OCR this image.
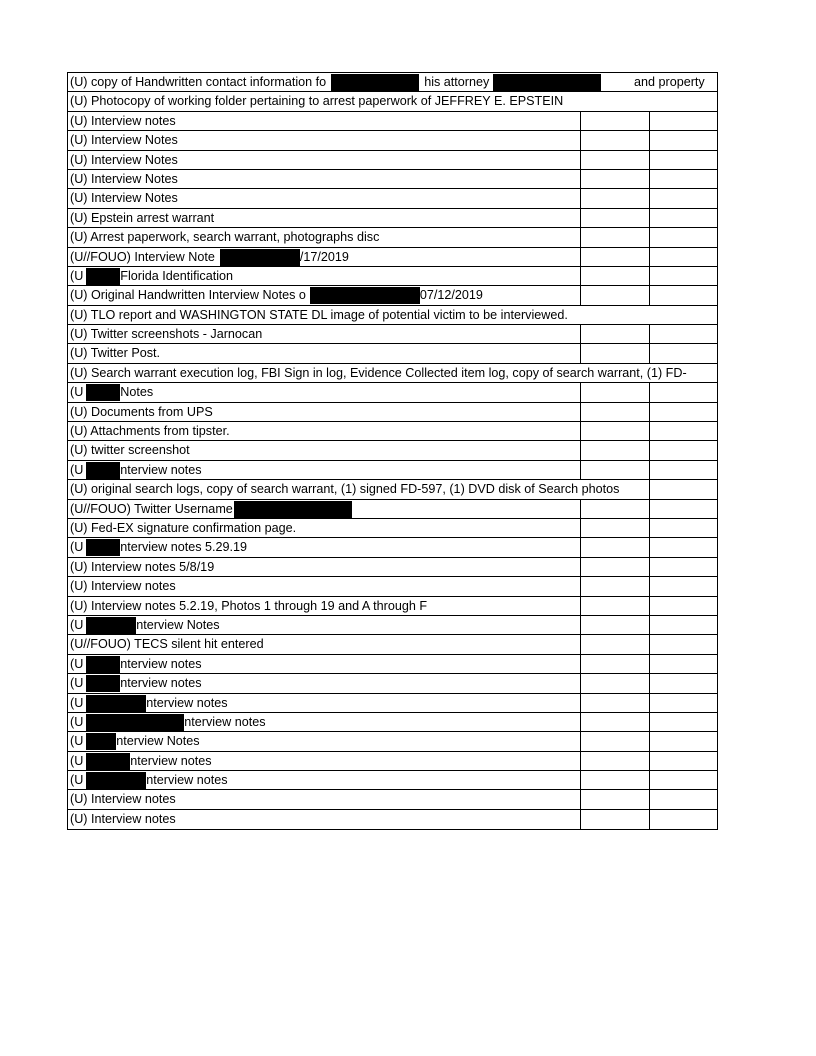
(U) copy of Handwritten contact information fo	his attorney	and property
(U) Photocopy of working folder pertaining to arrest paperwork of JEFFREY E. EPSTEIN
(U) Interview notes
(U) Interview Notes
(U) Interview Notes
(U) Interview Notes
(U) Interview Notes
(U) Epstein arrest warrant
(U) Arrest paperwork, search warrant, photographs disc
(U//FOUO) Interview Note	/17/2019
(U	Florida Identification
(U) Original Handwritten Interview Notes o	07/12/2019
(U) TLO report and WASHINGTON STATE DL image of potential victim to be interviewed.
(U) Twitter screenshots - Jarnocan
(U) Twitter Post.
(U) Search warrant execution log, FBI Sign in log, Evidence Collected item log, copy of search warrant, (1) FD-
(U	Notes
(U) Documents from UPS
(U) Attachments from tipster.
(U) twitter screenshot
(U	nterview notes
(U) original search logs, copy of search warrant, (1) signed FD-597, (1) DVD disk of Search photos
(U//FOUO) Twitter Username
(U) Fed-EX signature confirmation page.
(U	nterview notes 5.29.19
(U) Interview notes 5/8/19
(U) Interview notes
(U) Interview notes 5.2.19, Photos 1 through 19 and A through F
(U	nterview Notes
(U//FOUO) TECS silent hit entered
(U	nterview notes
(U	nterview notes
(U	nterview notes
(U	nterview notes
(U	nterview Notes
(U	nterview notes
(U	nterview notes
(U) Interview notes
(U) Interview notes
